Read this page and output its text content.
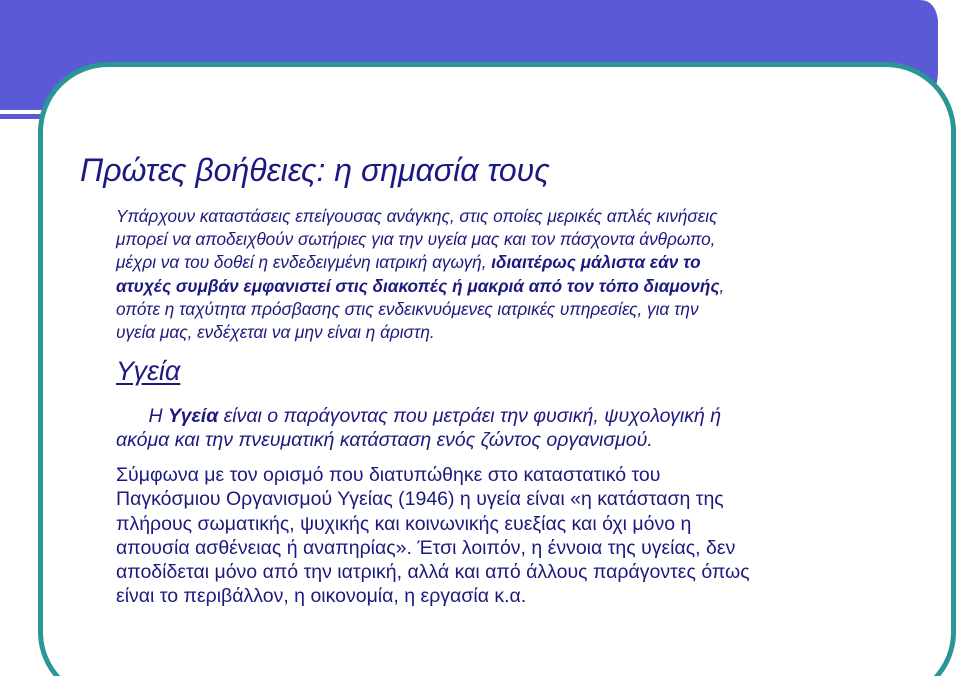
Πρώτες βοήθειες: η σημασία τους

Υπάρχουν καταστάσεις επείγουσας ανάγκης, στις οποίες μερικές απλές κινήσεις
μπορεί να αποδειχθούν σωτήριες για την υγεία μας και τον πάσχοντα άνθρωπο,
μέχρι να του δοθεί η ενδεδειγμένη ιατρική αγωγή, ιδιαιτέρως μάλιστα εάν το
ατυχές συμβάν εμφανιστεί στις διακοπές ή μακριά από τον τόπο διαμονής,
οπότε η ταχύτητα πρόσβασης στις ενδεικνυόμενες ιατρικές υπηρεσίες, για την
υγεία μας, ενδέχεται να μην είναι η άριστη.

Υγεία

Η Υγεία είναι ο παράγοντας που μετράει την φυσική, ψυχολογική ή
ακόμα και την πνευματική κατάσταση ενός ζώντος οργανισμού.

Σύμφωνα με τον ορισμό που διατυπώθηκε στο καταστατικό του
Παγκόσμιου Οργανισμού Υγείας (1946) η υγεία είναι «η κατάσταση της
πλήρους σωματικής, ψυχικής και κοινωνικής ευεξίας και όχι μόνο η
απουσία ασθένειας ή αναπηρίας». Έτσι λοιπόν, η έννοια της υγείας, δεν
αποδίδεται μόνο από την ιατρική, αλλά και από άλλους παράγοντες όπως
είναι το περιβάλλον, η οικονομία, η εργασία κ.α.
